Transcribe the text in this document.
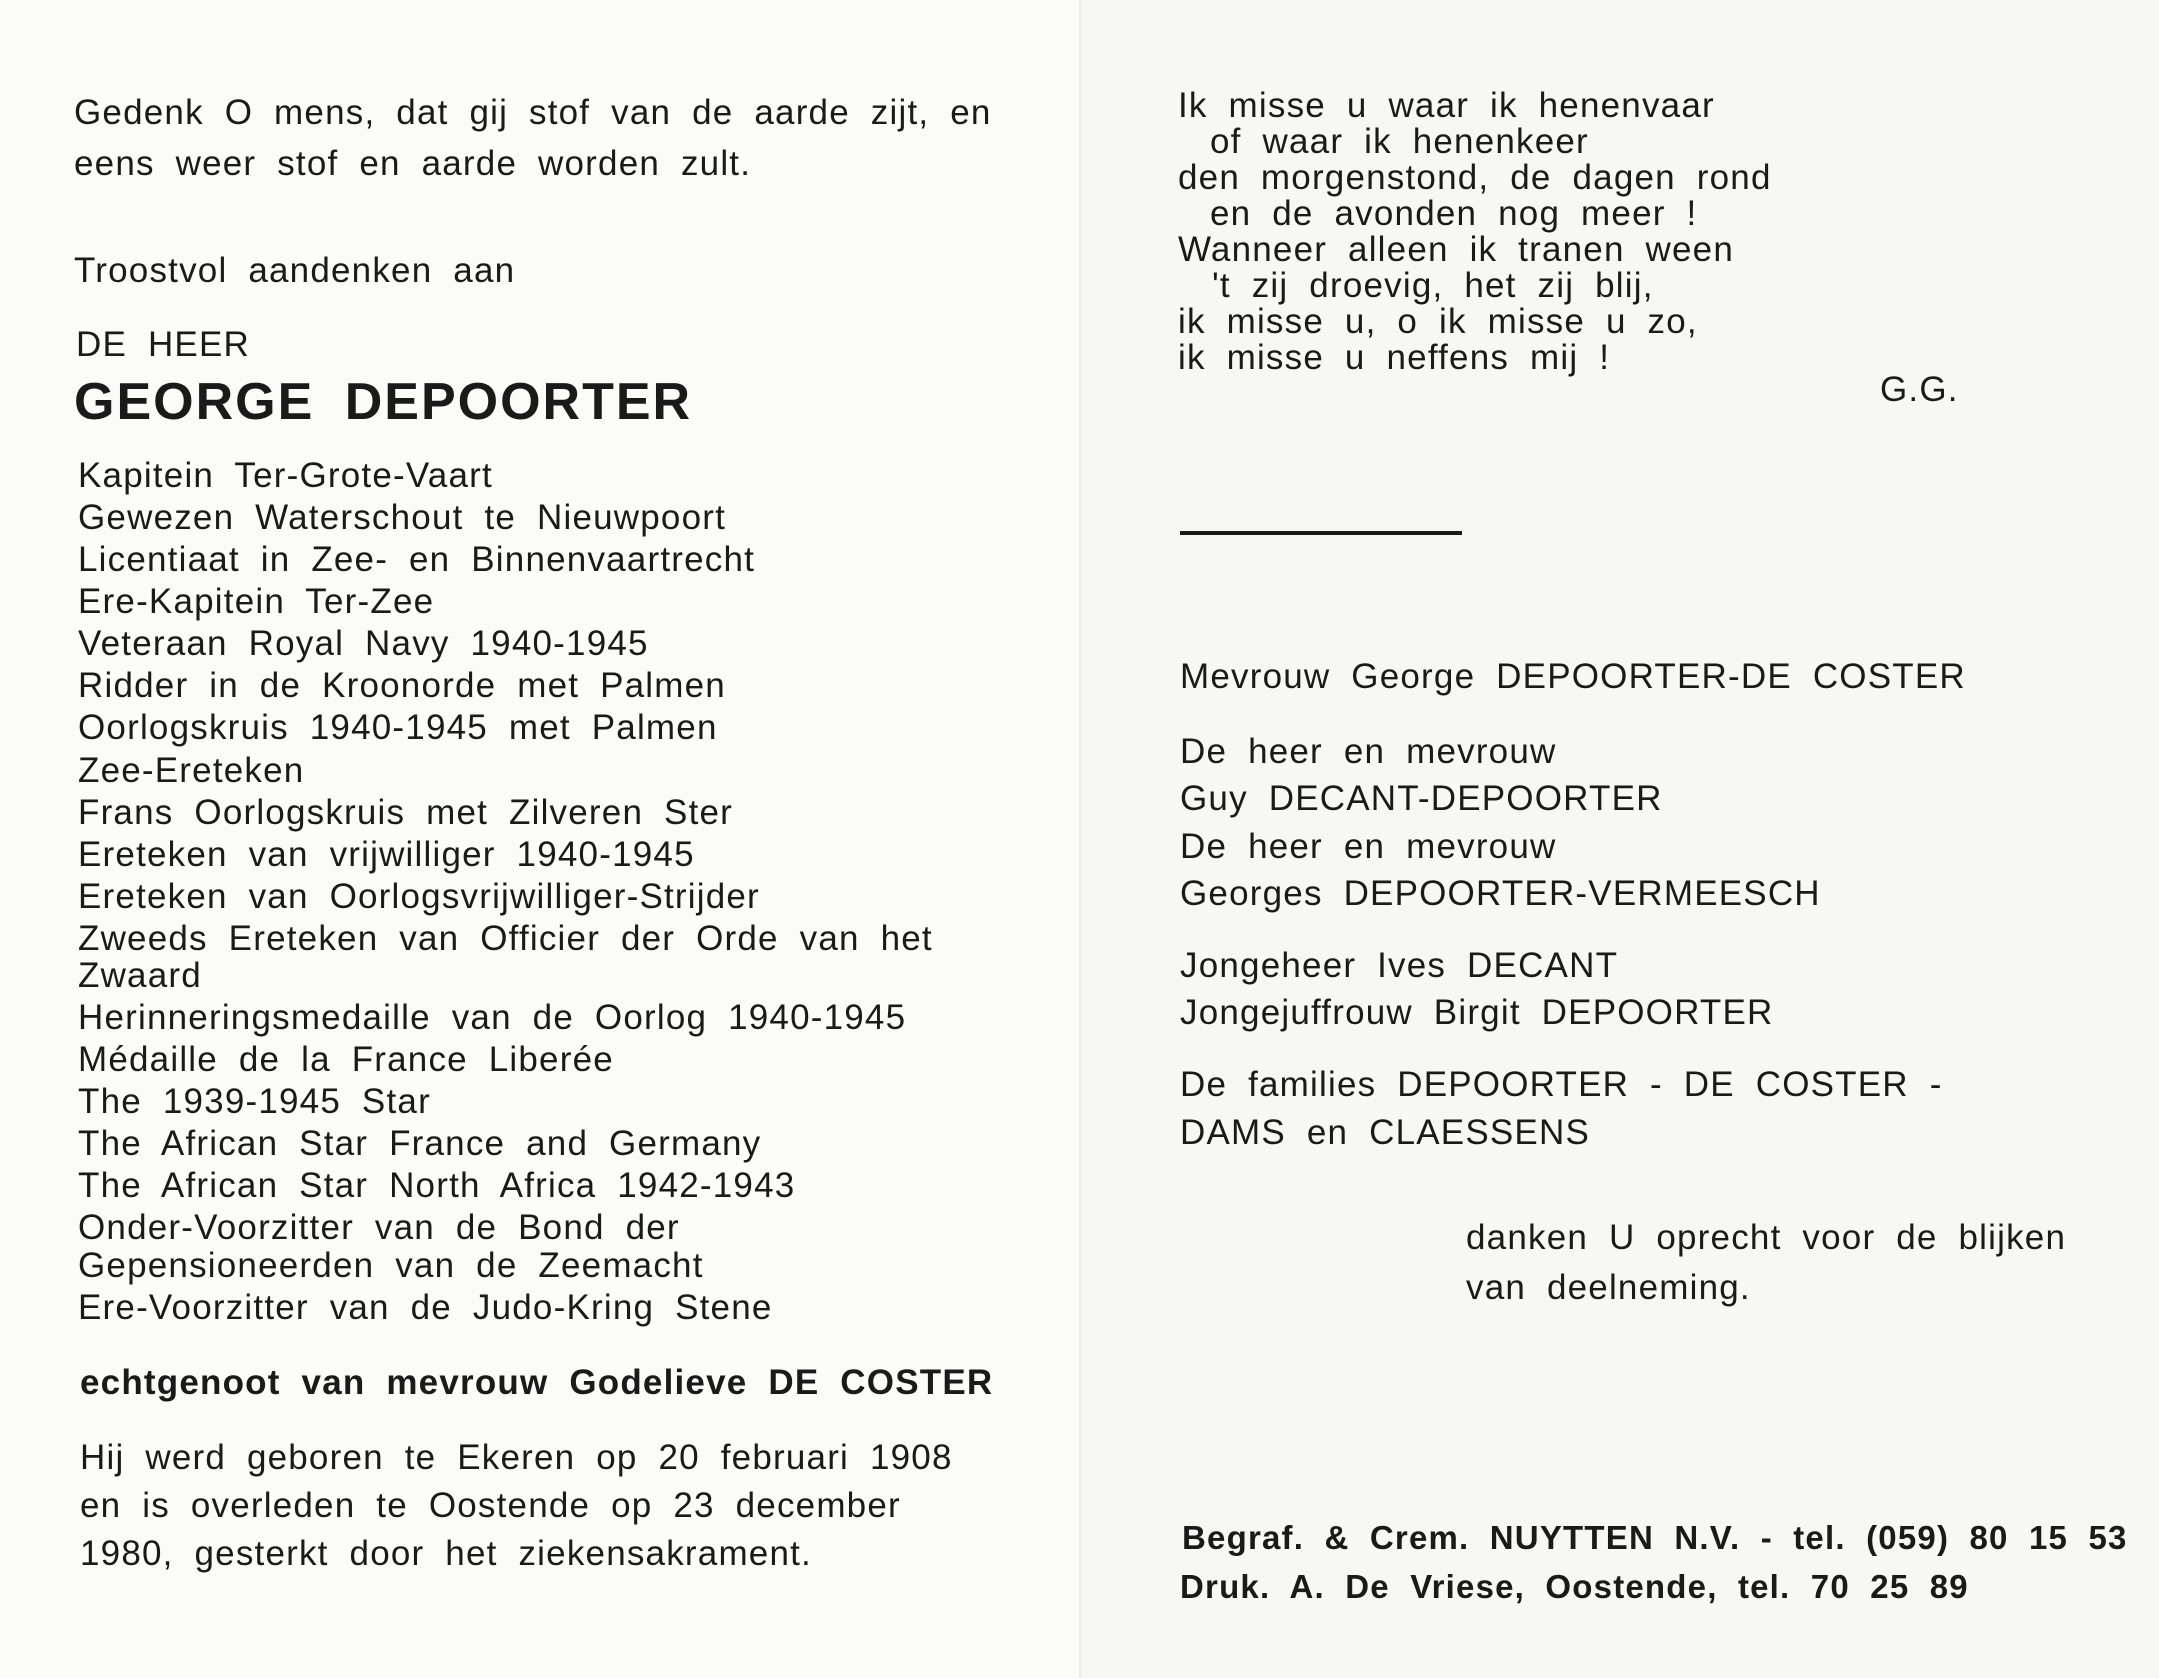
Gedenk O mens, dat gij stof van de aarde zijt, en
eens weer stof en aarde worden zult.
Troostvol aandenken aan
DE HEER
GEORGE DEPOORTER
Kapitein Ter-Grote-Vaart
Gewezen Waterschout te Nieuwpoort
Licentiaat in Zee- en Binnenvaartrecht
Ere-Kapitein Ter-Zee
Veteraan Royal Navy 1940-1945
Ridder in de Kroonorde met Palmen
Oorlogskruis 1940-1945 met Palmen
Zee-Ereteken
Frans Oorlogskruis met Zilveren Ster
Ereteken van vrijwilliger 1940-1945
Ereteken van Oorlogsvrijwilliger-Strijder
Zweeds Ereteken van Officier der Orde van het
Zwaard
Herinneringsmedaille van de Oorlog 1940-1945
Médaille de la France Liberée
The 1939-1945 Star
The African Star France and Germany
The African Star North Africa 1942-1943
Onder-Voorzitter van de Bond der
Gepensioneerden van de Zeemacht
Ere-Voorzitter van de Judo-Kring Stene
echtgenoot van mevrouw Godelieve DE COSTER
Hij werd geboren te Ekeren op 20 februari 1908
en is overleden te Oostende op 23 december
1980, gesterkt door het ziekensakrament.
Ik misse u waar ik henenvaar
of waar ik henenkeer
den morgenstond, de dagen rond
en de avonden nog meer !
Wanneer alleen ik tranen ween
't zij droevig, het zij blij,
ik misse u, o ik misse u zo,
ik misse u neffens mij !
G.G.
Mevrouw George DEPOORTER-DE COSTER
De heer en mevrouw
Guy DECANT-DEPOORTER
De heer en mevrouw
Georges DEPOORTER-VERMEESCH
Jongeheer Ives DECANT
Jongejuffrouw Birgit DEPOORTER
De families DEPOORTER - DE COSTER -
DAMS en CLAESSENS
danken U oprecht voor de blijken
van deelneming.
Begraf. & Crem. NUYTTEN N.V. - tel. (059) 80 15 53
Druk. A. De Vriese, Oostende, tel. 70 25 89
